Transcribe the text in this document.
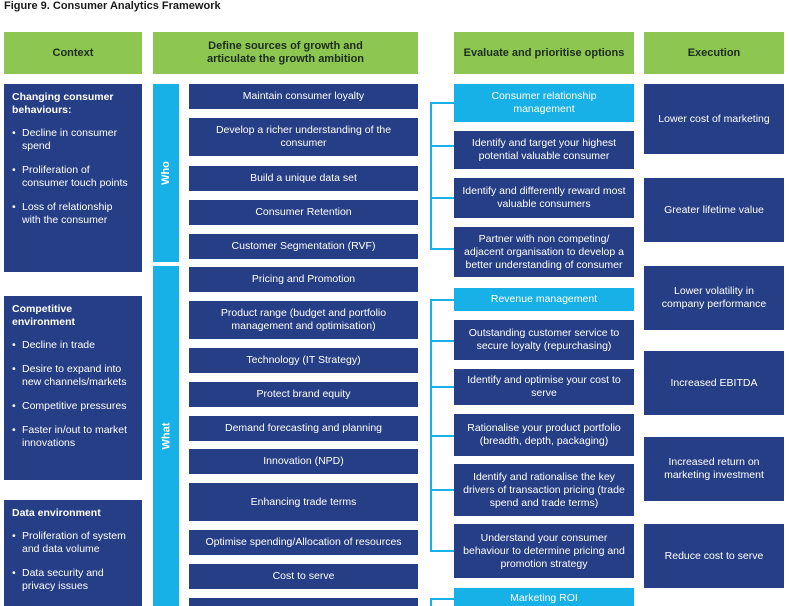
Figure 9. Consumer Analytics Framework
Context
Define sources of growth and articulate the growth ambition
Evaluate and prioritise options	Execution
Changing consumer behaviours:
• Decline in consumer spend
• Proliferation of consumer touch points
• Loss of relationship with the consumer
Competitive environment
• Decline in trade
• Desire to expand into new channels/markets
• Competitive pressures
• Faster in/out to market innovations
Data environment
• Proliferation of system and data volume
• Data security and privacy issues
Who
What
Maintain consumer loyalty
Develop a richer understanding of the consumer
Build a unique data set
Consumer Retention
Customer Segmentation (RVF)
Pricing and Promotion
Product range (budget and portfolio management and optimisation)
Technology (IT Strategy)
Protect brand equity
Demand forecasting and planning
Innovation (NPD)
Enhancing trade terms
Optimise spending/Allocation of resources
Cost to serve
Consumer relationship management
Identify and target your highest potential valuable consumer
Identify and differently reward most valuable consumers
Partner with non competing/ adjacent organisation to develop a better understanding of consumer
Revenue management
Outstanding customer service to secure loyalty (repurchasing)
Identify and optimise your cost to serve
Rationalise your product portfolio (breadth, depth, packaging)
Identify and rationalise the key drivers of transaction pricing (trade spend and trade terms)
Understand your consumer behaviour to determine pricing and promotion strategy
Marketing ROI
Lower cost of marketing
Greater lifetime value
Lower volatility in company performance
Increased EBITDA
Increased return on marketing investment
Reduce cost to serve
